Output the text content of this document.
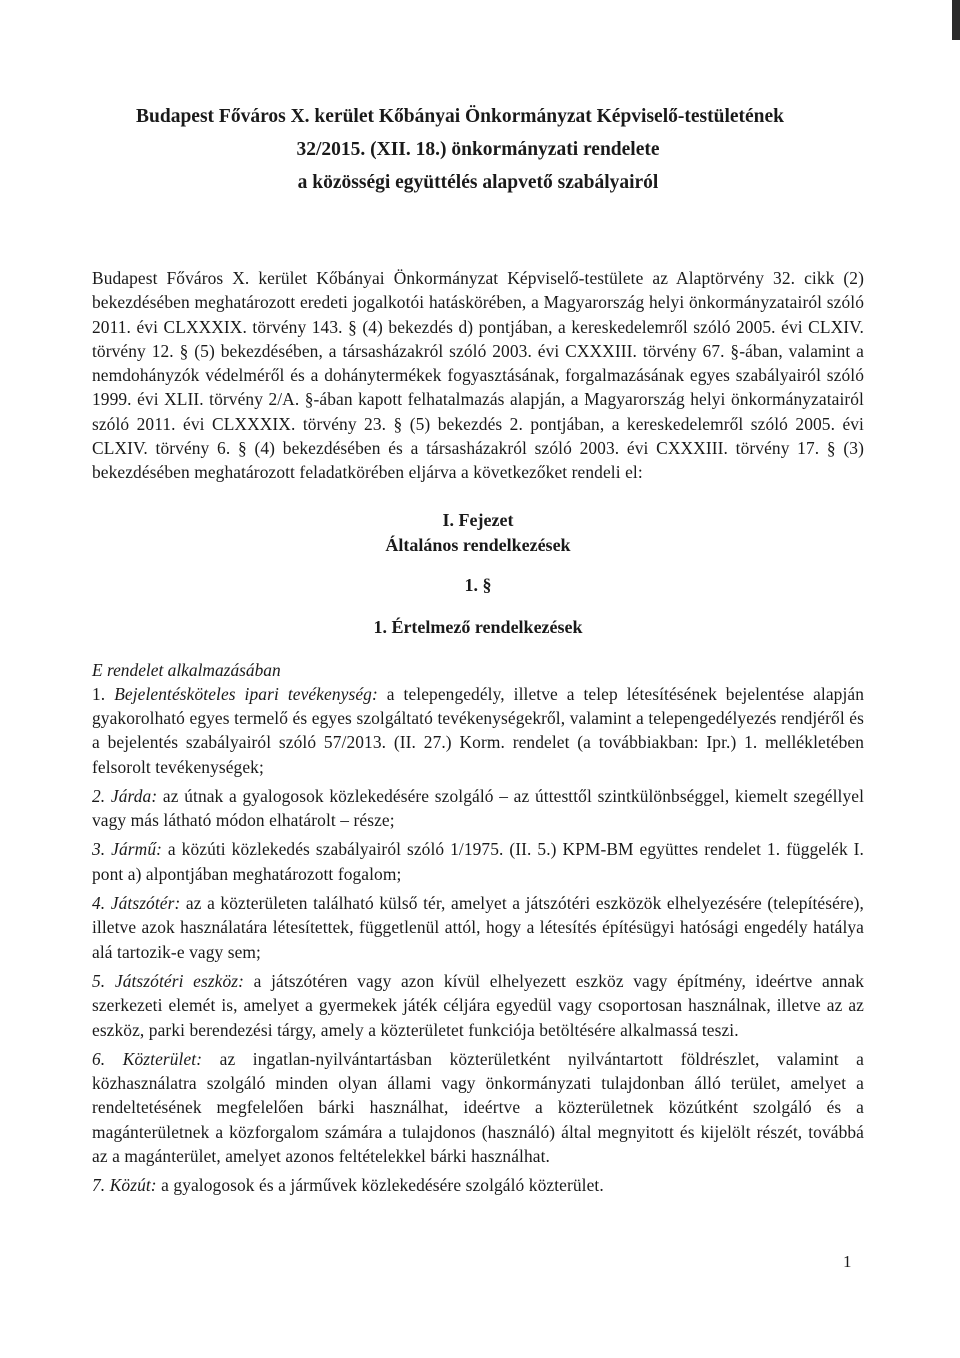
Budapest Főváros X. kerület Kőbányai Önkormányzat Képviselő-testületének
32/2015. (XII. 18.) önkormányzati rendelete
a közösségi együttélés alapvető szabályairól

Budapest Főváros X. kerület Kőbányai Önkormányzat Képviselő-testülete az Alaptörvény 32. cikk (2) bekezdésében meghatározott eredeti jogalkotói hatáskörében, a Magyarország helyi önkormányzatairól szóló 2011. évi CLXXXIX. törvény 143. § (4) bekezdés d) pontjában, a kereskedelemről szóló 2005. évi CLXIV. törvény 12. § (5) bekezdésében, a társasházakról szóló 2003. évi CXXXIII. törvény 67. §-ában, valamint a nemdohányzók védelméről és a dohánytermékek fogyasztásának, forgalmazásának egyes szabályairól szóló 1999. évi XLII. törvény 2/A. §-ában kapott felhatalmazás alapján, a Magyarország helyi önkormányzatairól szóló 2011. évi CLXXXIX. törvény 23. § (5) bekezdés 2. pontjában, a kereskedelemről szóló 2005. évi CLXIV. törvény 6. § (4) bekezdésében és a társasházakról szóló 2003. évi CXXXIII. törvény 17. § (3) bekezdésében meghatározott feladatkörében eljárva a következőket rendeli el:

I. Fejezet
Általános rendelkezések
1. §
1. Értelmező rendelkezések
E rendelet alkalmazásában

1. Bejelentésköteles ipari tevékenység: a telepengedély, illetve a telep létesítésének bejelentése alapján gyakorolható egyes termelő és egyes szolgáltató tevékenységekről, valamint a telepengedélyezés rendjéről és a bejelentés szabályairól szóló 57/2013. (II. 27.) Korm. rendelet (a továbbiakban: Ipr.) 1. mellékletében felsorolt tevékenységek;

2. Járda: az útnak a gyalogosok közlekedésére szolgáló – az úttesttől szintkülönbséggel, kiemelt szegéllyel vagy más látható módon elhatárolt – része;

3. Jármű: a közúti közlekedés szabályairól szóló 1/1975. (II. 5.) KPM-BM együttes rendelet 1. függelék I. pont a) alpontjában meghatározott fogalom;

4. Játszótér: az a közterületen található külső tér, amelyet a játszótéri eszközök elhelyezésére (telepítésére), illetve azok használatára létesítettek, függetlenül attól, hogy a létesítés építésügyi hatósági engedély hatálya alá tartozik-e vagy sem;

5. Játszótéri eszköz: a játszótéren vagy azon kívül elhelyezett eszköz vagy építmény, ideértve annak szerkezeti elemét is, amelyet a gyermekek játék céljára egyedül vagy csoportosan használnak, illetve az az eszköz, parki berendezési tárgy, amely a közterületet funkciója betöltésére alkalmassá teszi.

6. Közterület: az ingatlan-nyilvántartásban közterületként nyilvántartott földrészlet, valamint a közhasználatra szolgáló minden olyan állami vagy önkormányzati tulajdonban álló terület, amelyet a rendeltetésének megfelelően bárki használhat, ideértve a közterületnek közútként szolgáló és a magánterületnek a közforgalom számára a tulajdonos (használó) által megnyitott és kijelölt részét, továbbá az a magánterület, amelyet azonos feltételekkel bárki használhat.

7. Közút: a gyalogosok és a járművek közlekedésére szolgáló közterület.

1
